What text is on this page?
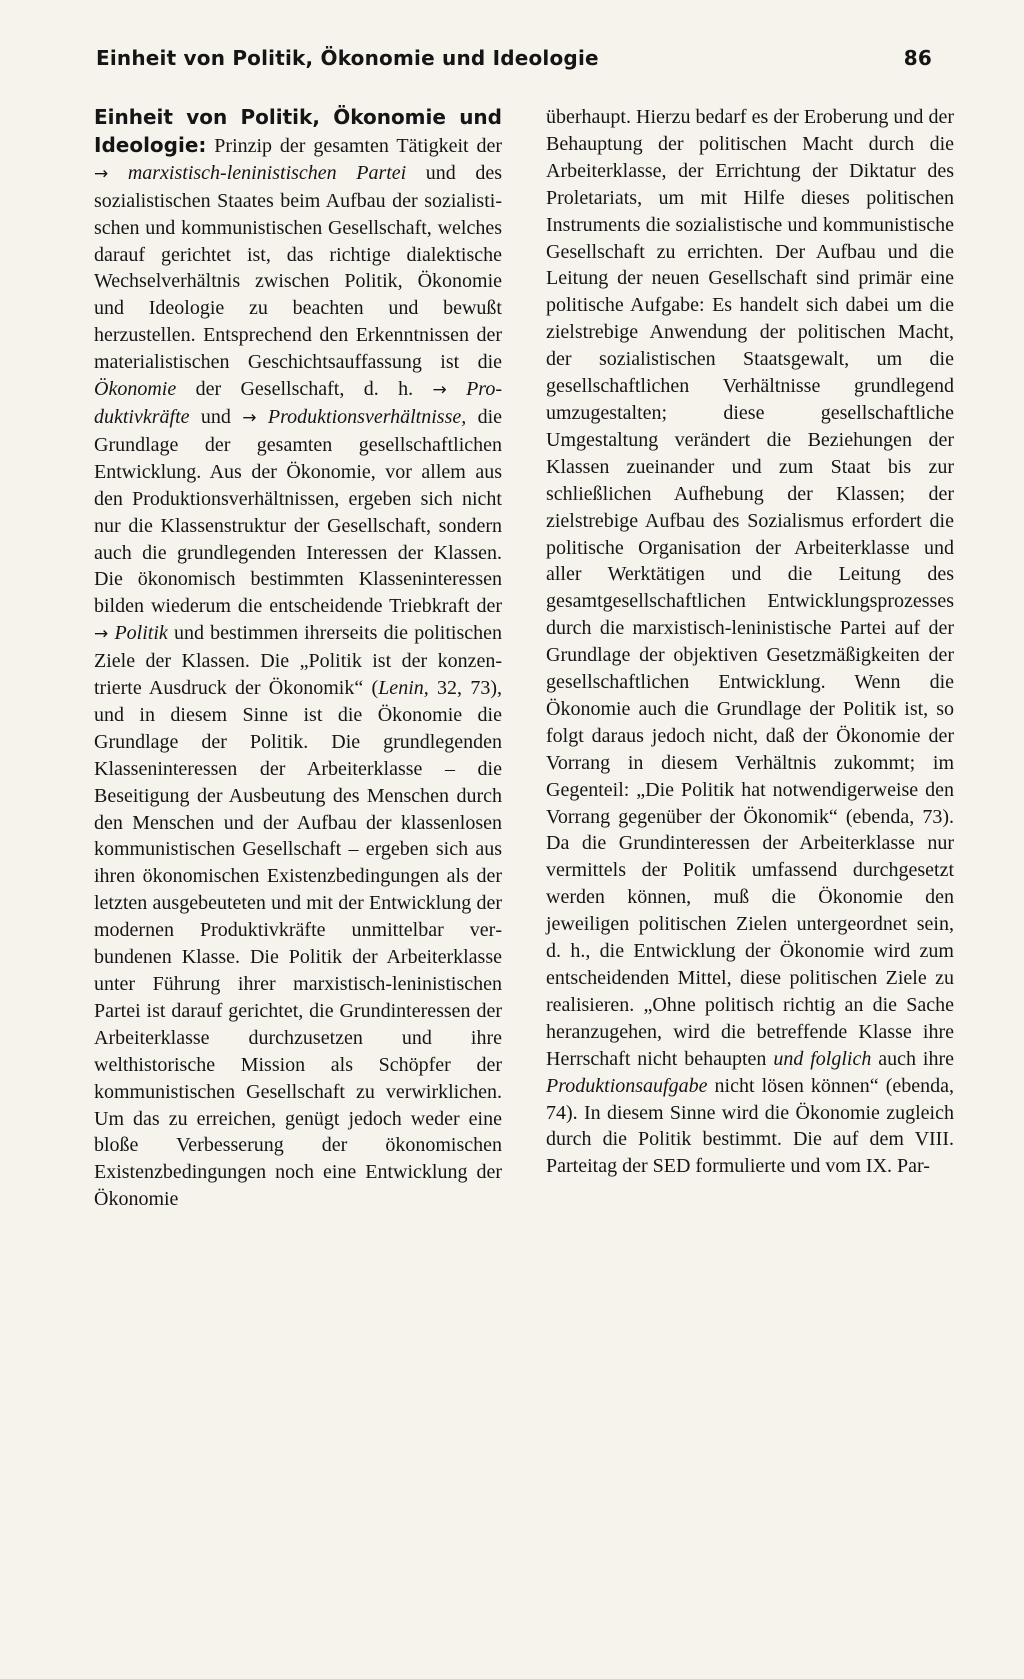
Einheit von Politik, Ökonomie und Ideologie	86

Einheit von Politik, Ökonomie und Ideologie: Prinzip der gesamten Tätigkeit der → marxistisch-leninistischen Partei und des sozialistischen Staates beim Aufbau der sozialistischen und kommunistischen Gesellschaft, welches darauf gerichtet ist, das richtige dialektische Wechselverhältnis zwischen Politik, Ökonomie und Ideologie zu beachten und bewußt herzustellen. Entsprechend den Erkenntnissen der materialistischen Geschichtsauffassung ist die Ökonomie der Gesellschaft, d. h. → Produktivkräfte und → Produktionsverhältnisse, die Grundlage der gesamten gesellschaftlichen Entwicklung. Aus der Ökonomie, vor allem aus den Produktionsverhältnissen, ergeben sich nicht nur die Klassenstruktur der Gesellschaft, sondern auch die grundlegenden Interessen der Klassen. Die ökonomisch bestimmten Klasseninteressen bilden wiederum die entscheidende Triebkraft der → Politik und bestimmen ihrerseits die politischen Ziele der Klassen. Die „Politik ist der konzentrierte Ausdruck der Ökonomik“ (Lenin, 32, 73), und in diesem Sinne ist die Ökonomie die Grundlage der Politik. Die grundlegenden Klasseninteressen der Arbeiterklasse – die Beseitigung der Ausbeutung des Menschen durch den Menschen und der Aufbau der klassenlosen kommunistischen Gesellschaft – ergeben sich aus ihren ökonomischen Existenzbedingungen als der letzten ausgebeuteten und mit der Entwicklung der modernen Produktivkräfte unmittelbar verbundenen Klasse. Die Politik der Arbeiterklasse unter Führung ihrer marxistisch-leninistischen Partei ist darauf gerichtet, die Grundinteressen der Arbeiterklasse durchzusetzen und ihre welthistorische Mission als Schöpfer der kommunistischen Gesellschaft zu verwirklichen. Um das zu erreichen, genügt jedoch weder eine bloße Verbesserung der ökonomischen Existenzbedingungen noch eine Entwicklung der Ökonomie

überhaupt. Hierzu bedarf es der Eroberung und der Behauptung der politischen Macht durch die Arbeiterklasse, der Errichtung der Diktatur des Proletariats, um mit Hilfe dieses politischen Instruments die sozialistische und kommunistische Gesellschaft zu errichten. Der Aufbau und die Leitung der neuen Gesellschaft sind primär eine politische Aufgabe: Es handelt sich dabei um die zielstrebige Anwendung der politischen Macht, der sozialistischen Staatsgewalt, um die gesellschaftlichen Verhältnisse grundlegend umzugestalten; diese gesellschaftliche Umgestaltung verändert die Beziehungen der Klassen zueinander und zum Staat bis zur schließlichen Aufhebung der Klassen; der zielstrebige Aufbau des Sozialismus erfordert die politische Organisation der Arbeiterklasse und aller Werktätigen und die Leitung des gesamtgesellschaftlichen Entwicklungsprozesses durch die marxistisch-leninistische Partei auf der Grundlage der objektiven Gesetzmäßigkeiten der gesellschaftlichen Entwicklung. Wenn die Ökonomie auch die Grundlage der Politik ist, so folgt daraus jedoch nicht, daß der Ökonomie der Vorrang in diesem Verhältnis zukommt; im Gegenteil: „Die Politik hat notwendigerweise den Vorrang gegenüber der Ökonomik“ (ebenda, 73). Da die Grundinteressen der Arbeiterklasse nur vermittels der Politik umfassend durchgesetzt werden können, muß die Ökonomie den jeweiligen politischen Zielen untergeordnet sein, d. h., die Entwicklung der Ökonomie wird zum entscheidenden Mittel, diese politischen Ziele zu realisieren. „Ohne politisch richtig an die Sache heranzugehen, wird die betreffende Klasse ihre Herrschaft nicht behaupten und folglich auch ihre Produktionsaufgabe nicht lösen können“ (ebenda, 74). In diesem Sinne wird die Ökonomie zugleich durch die Politik bestimmt. Die auf dem VIII. Parteitag der SED formulierte und vom IX. Par-
